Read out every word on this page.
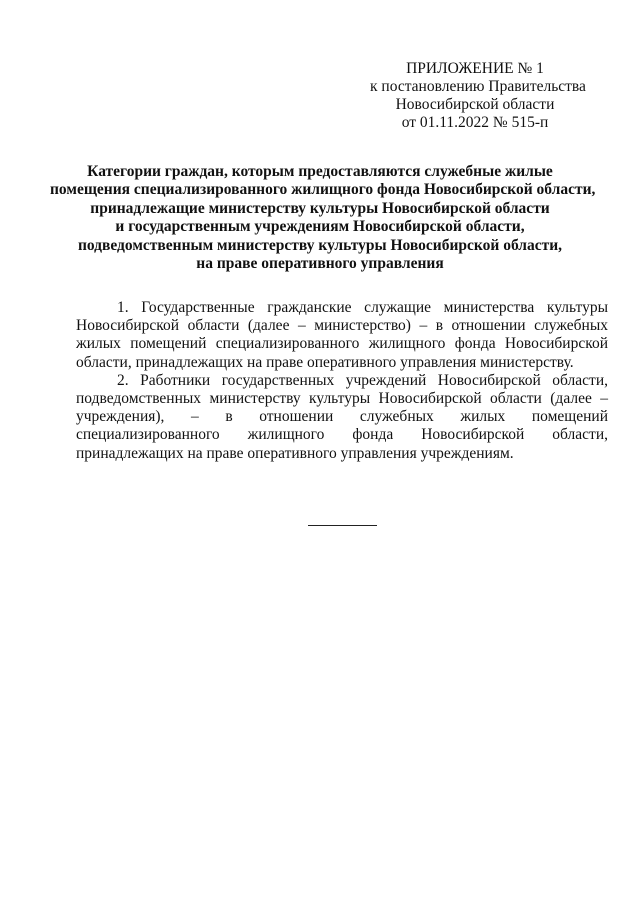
ПРИЛОЖЕНИЕ № 1
к постановлению Правительства
Новосибирской области
от 01.11.2022 № 515-п
Категории граждан, которым предоставляются служебные жилые
помещения специализированного жилищного фонда Новосибирской области,
принадлежащие министерству культуры Новосибирской области
и государственным учреждениям Новосибирской области,
подведомственным министерству культуры Новосибирской области,
на праве оперативного управления

1. Государственные гражданские служащие министерства культуры Новосибирской области (далее – министерство) – в отношении служебных жилых помещений специализированного жилищного фонда Новосибирской области, принадлежащих на праве оперативного управления министерству.

2. Работники государственных учреждений Новосибирской области, подведомственных министерству культуры Новосибирской области (далее – учреждения), – в отношении служебных жилых помещений специализированного жилищного фонда Новосибирской области, принадлежащих на праве оперативного управления учреждениям.
